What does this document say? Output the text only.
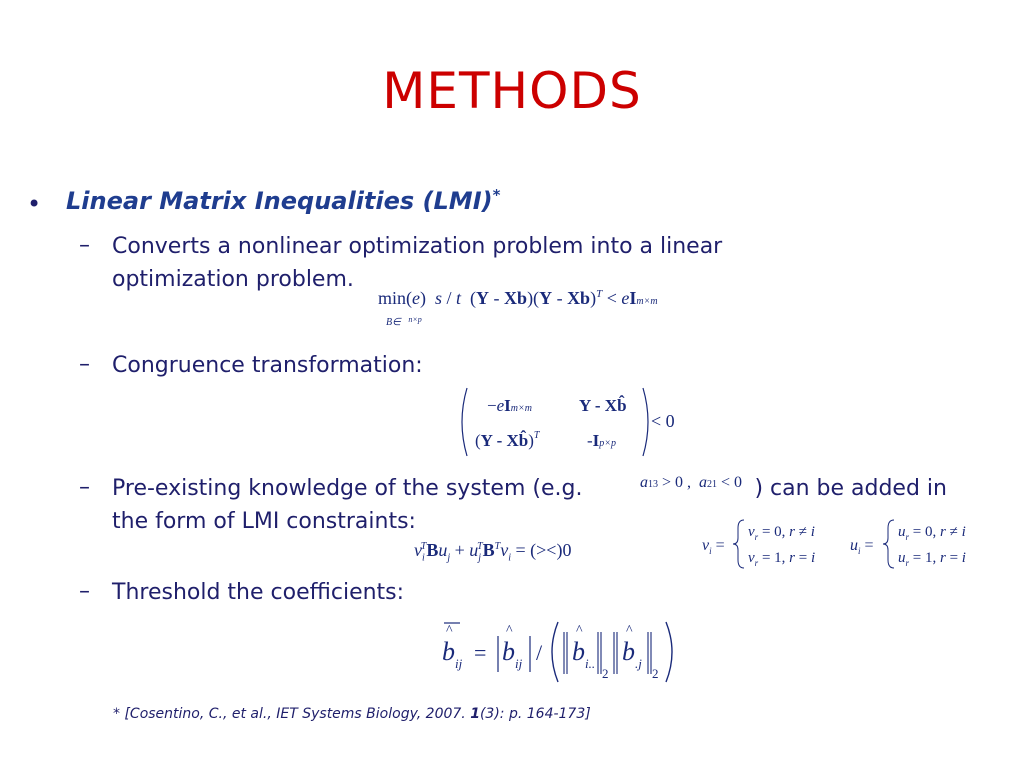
METHODS
• Linear Matrix Inequalities (LMI)*
– Converts a nonlinear optimization problem into a linear
optimization problem.
min(e)  s / t  (Y - Xb)(Y - Xb)$^T$ < eIm×m
B∈   $^{n\times p}$
– Congruence transformation:
−eIm×m	Y - Xb̂
(Y - Xb̂)$^T$	-Ip×p
< 0
– Pre-existing knowledge of the system (e.g.	) can be added in
the form of LMI constraints:
a13 > 0 ,  a21 < 0
$v_i^TBu_j + u_j^TB^Tv_i = (><)0$	$v_i$ =
$v_r = 0$, r ≠ i
$v_r = 1$, r = i
$u_i$ =
$u_r = 0$, r ≠ i
$u_r = 1$, r = i
– Threshold the coefficients:
^
b ij =
^
b ij /
^
b i..
2
^
b .j
2
* [Cosentino, C., et al., IET Systems Biology, 2007. 1(3): p. 164-173]
